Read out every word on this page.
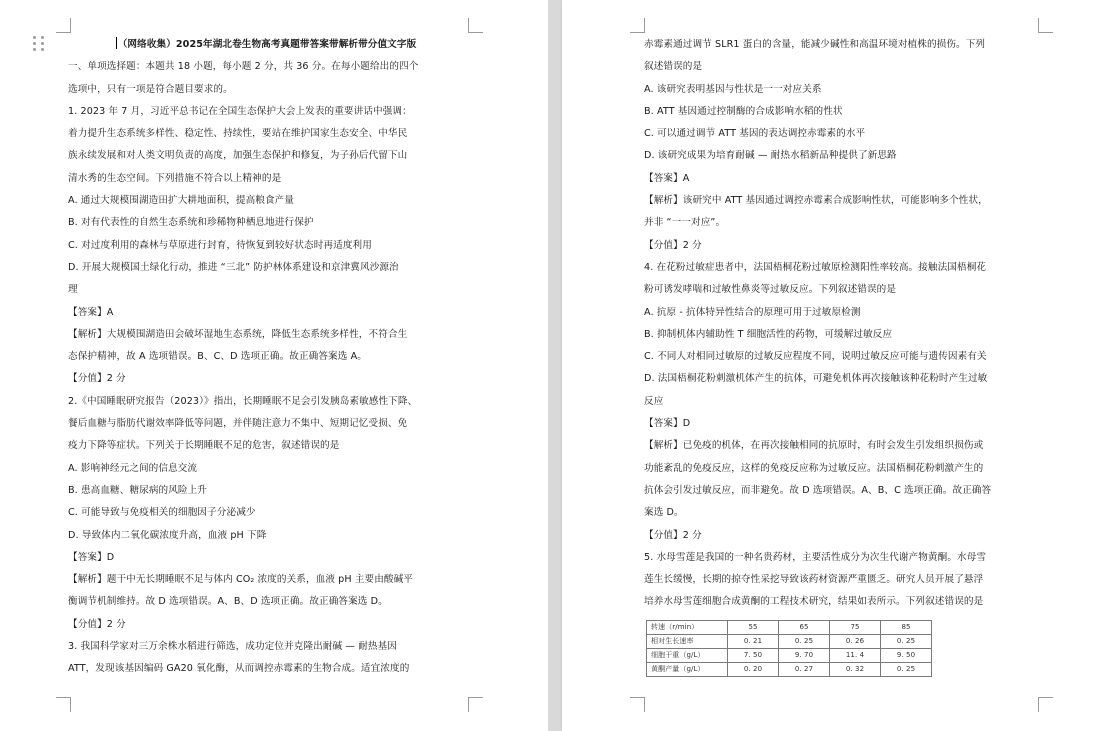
（网络收集）2025年湖北卷生物高考真题带答案带解析带分值文字版

一、单项选择题：本题共 18 小题，每小题 2 分，共 36 分。在每小题给出的四个

选项中，只有一项是符合题目要求的。

1. 2023 年 7 月，习近平总书记在全国生态保护大会上发表的重要讲话中强调：

着力提升生态系统多样性、稳定性、持续性，要站在维护国家生态安全、中华民

族永续发展和对人类文明负责的高度，加强生态保护和修复，为子孙后代留下山

清水秀的生态空间。下列措施不符合以上精神的是

A. 通过大规模围湖造田扩大耕地面积，提高粮食产量

B. 对有代表性的自然生态系统和珍稀物种栖息地进行保护

C. 对过度利用的森林与草原进行封育，待恢复到较好状态时再适度利用

D. 开展大规模国土绿化行动，推进 “三北” 防护林体系建设和京津冀风沙源治

理

【答案】A

【解析】大规模围湖造田会破坏湿地生态系统，降低生态系统多样性，不符合生

态保护精神，故 A 选项错误。B、C、D 选项正确。故正确答案选 A。

【分值】2 分

2.《中国睡眠研究报告（2023）》指出，长期睡眠不足会引发胰岛素敏感性下降、

餐后血糖与脂肪代谢效率降低等问题，并伴随注意力不集中、短期记忆受损、免

疫力下降等症状。下列关于长期睡眠不足的危害，叙述错误的是

A. 影响神经元之间的信息交流

B. 患高血糖、糖尿病的风险上升

C. 可能导致与免疫相关的细胞因子分泌减少

D. 导致体内二氧化碳浓度升高，血液 pH 下降

【答案】D

【解析】题干中无长期睡眠不足与体内 CO₂ 浓度的关系，血液 pH 主要由酸碱平

衡调节机制维持。故 D 选项错误。A、B、D 选项正确。故正确答案选 D。

【分值】2 分

3. 我国科学家对三万余株水稻进行筛选，成功定位并克隆出耐碱 — 耐热基因

ATT，发现该基因编码 GA20 氧化酶，从而调控赤霉素的生物合成。适宜浓度的

赤霉素通过调节 SLR1 蛋白的含量，能减少碱性和高温环境对植株的损伤。下列

叙述错误的是

A. 该研究表明基因与性状是一一对应关系

B. ATT 基因通过控制酶的合成影响水稻的性状

C. 可以通过调节 ATT 基因的表达调控赤霉素的水平

D. 该研究成果为培育耐碱 — 耐热水稻新品种提供了新思路

【答案】A

【解析】该研究中 ATT 基因通过调控赤霉素合成影响性状，可能影响多个性状，

并非 “一一对应”。

【分值】2 分

4. 在花粉过敏症患者中，法国梧桐花粉过敏原检测阳性率较高。接触法国梧桐花

粉可诱发哮喘和过敏性鼻炎等过敏反应。下列叙述错误的是

A. 抗原 - 抗体特异性结合的原理可用于过敏原检测

B. 抑制机体内辅助性 T 细胞活性的药物，可缓解过敏反应

C. 不同人对相同过敏原的过敏反应程度不同，说明过敏反应可能与遗传因素有关

D. 法国梧桐花粉刺激机体产生的抗体，可避免机体再次接触该种花粉时产生过敏

反应

【答案】D

【解析】已免疫的机体，在再次接触相同的抗原时，有时会发生引发组织损伤或

功能紊乱的免疫反应，这样的免疫反应称为过敏反应。法国梧桐花粉刺激产生的

抗体会引发过敏反应，而非避免。故 D 选项错误。A、B、C 选项正确。故正确答

案选 D。

【分值】2 分

5. 水母雪莲是我国的一种名贵药材，主要活性成分为次生代谢产物黄酮。水母雪

莲生长缓慢，长期的掠夺性采挖导致该药材资源严重匮乏。研究人员开展了悬浮

培养水母雪莲细胞合成黄酮的工程技术研究，结果如表所示。下列叙述错误的是

转速（r/min）	55	65	75	85
相对生长速率	0. 21	0. 25	0. 26	0. 25
细胞干重（g/L）	7. 50	9. 70	11. 4	9. 50
黄酮产量（g/L）	0. 20	0. 27	0. 32	0. 25
